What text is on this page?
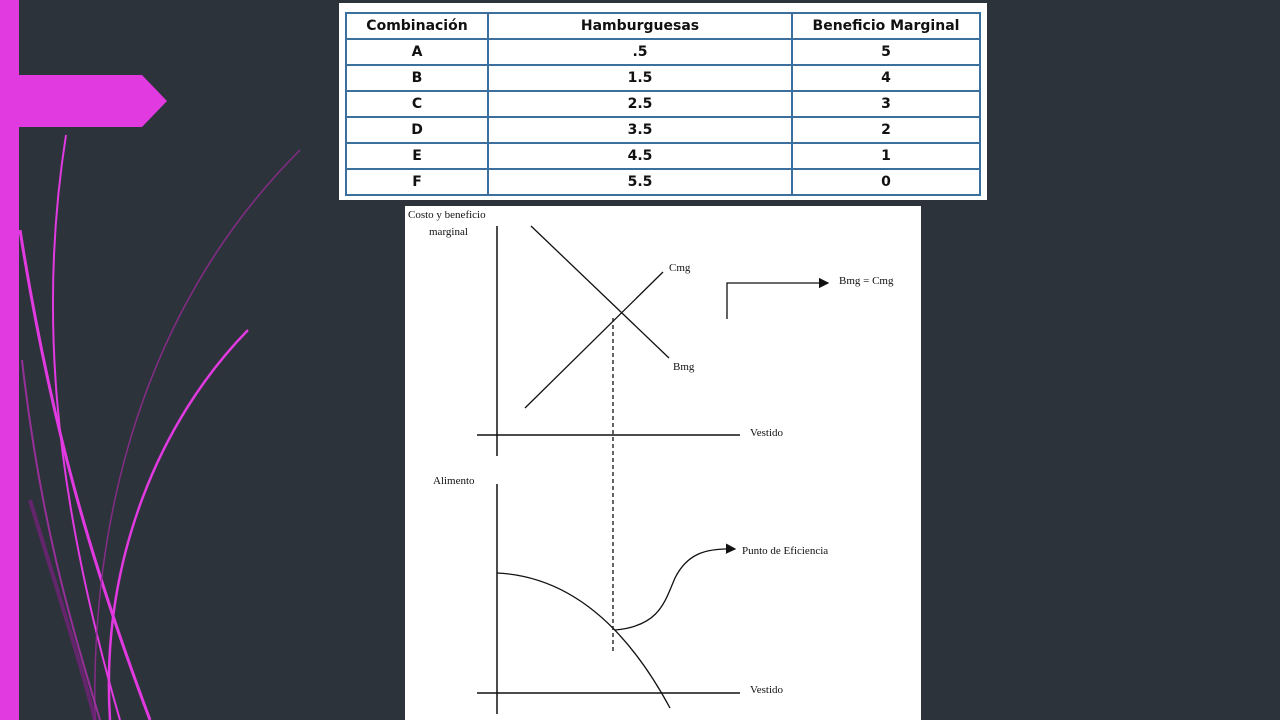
Combinación	Hamburguesas	Beneficio Marginal
A	.5	5
B	1.5	4
C	2.5	3
D	3.5	2
E	4.5	1
F	5.5	0
Costo y beneficio
marginal
Vestido
Cmg
Bmg
Bmg = Cmg
Alimento
Vestido
Punto de Eficiencia
